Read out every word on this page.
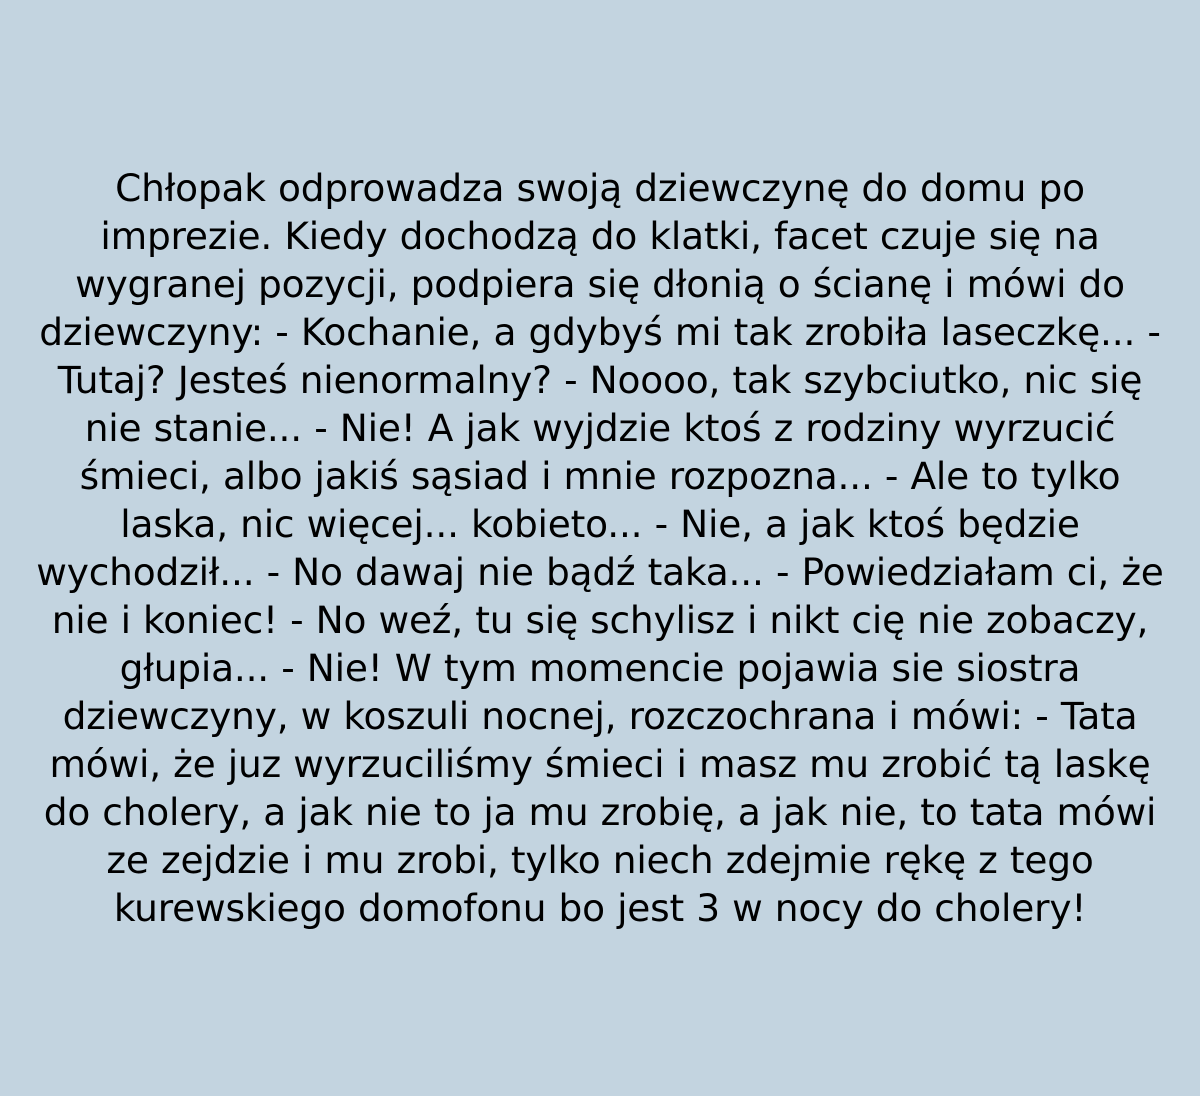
Chłopak odprowadza swoją dziewczynę do domu po imprezie. Kiedy dochodzą do klatki, facet czuje się na wygranej pozycji, podpiera się dłonią o ścianę i mówi do dziewczyny: - Kochanie, a gdybyś mi tak zrobiła laseczkę... - Tutaj? Jesteś nienormalny? - Noooo, tak szybciutko, nic się nie stanie... - Nie! A jak wyjdzie ktoś z rodziny wyrzucić śmieci, albo jakiś sąsiad i mnie rozpozna... - Ale to tylko laska, nic więcej... kobieto... - Nie, a jak ktoś będzie wychodził... - No dawaj nie bądź taka... - Powiedziałam ci, że nie i koniec! - No weź, tu się schylisz i nikt cię nie zobaczy, głupia... - Nie! W tym momencie pojawia sie siostra dziewczyny, w koszuli nocnej, rozczochrana i mówi: - Tata mówi, że juz wyrzuciliśmy śmieci i masz mu zrobić tą laskę do cholery, a jak nie to ja mu zrobię, a jak nie, to tata mówi ze zejdzie i mu zrobi, tylko niech zdejmie rękę z tego kurewskiego domofonu bo jest 3 w nocy do cholery!
